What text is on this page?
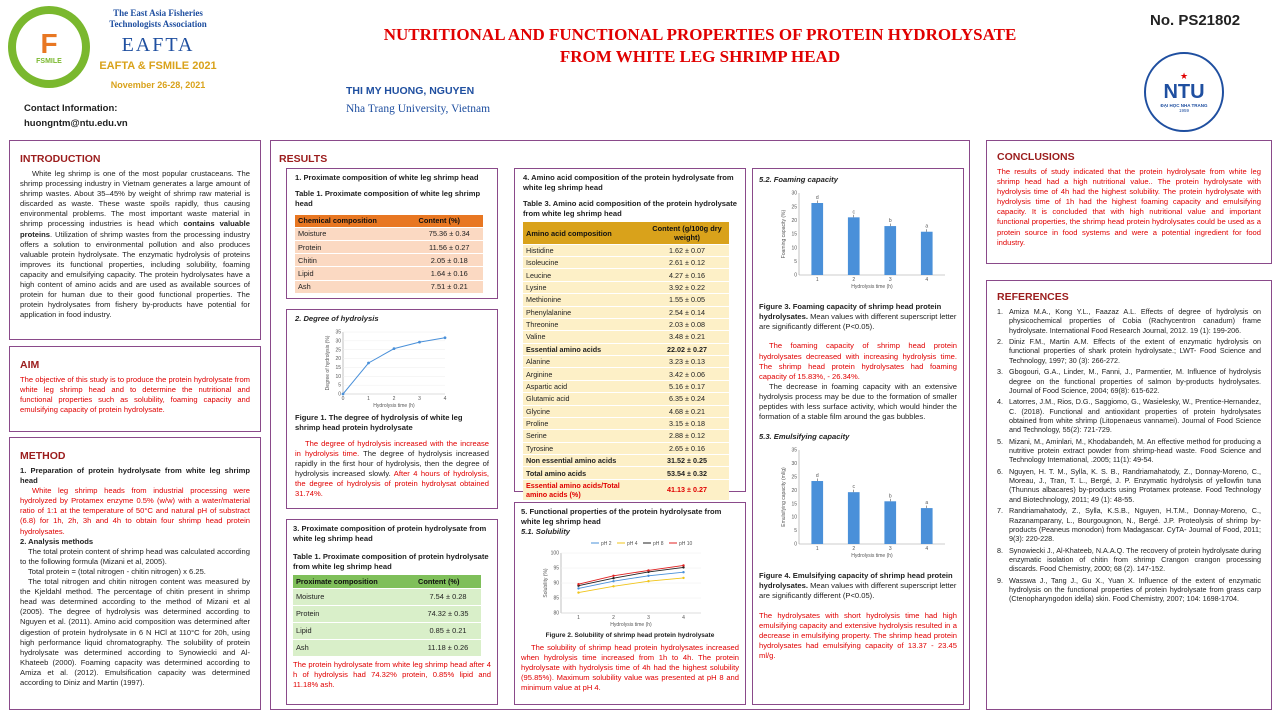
F
FSMILE
The East Asia Fisheries Technologists Association
EAFTA
EAFTA & FSMILE 2021
November 26-28, 2021
Contact Information:
huongntm@ntu.edu.vn
NUTRITIONAL AND FUNCTIONAL PROPERTIES OF PROTEIN HYDROLYSATE
FROM WHITE LEG SHRIMP HEAD
THI MY HUONG, NGUYEN
Nha Trang University, Vietnam
No. PS21802
★
NTU
ĐẠI HỌC NHA TRANG
1959
INTRODUCTION
White leg shrimp is one of the most popular crustaceans. The shrimp processing industry in Vietnam generates a large amount of shrimp wastes. About 35–45% by weight of shrimp raw material is discarded as waste. These waste spoils rapidly, thus causing environmental problems. The most important waste material in shrimp processing industries is head which contains valuable proteins. Utilization of shrimp wastes from the processing industry offers a solution to environmental pollution and also produces valuable protein hydrolysate. The enzymatic hydrolysis of proteins improves its functional properties, including solubility, foaming capacity and emulsifying capacity. The protein hydrolysates have a high content of amino acids and are used as available sources of protein for human due to their good functional properties. The protein hydrolysates from fishery by-products have potential for application in food industry.
AIM
The objective of this study is to produce the protein hydrolysate from white leg shrimp head and to determine the nutritional and functional properties such as solubility, foaming capacity and emulsifying capacity of protein hydrolysate.
METHOD
1. Preparation of protein hydrolysate from white leg shrimp head
White leg shrimp heads from industrial processing were hydrolyzed by Protamex enzyme 0.5% (w/w) with a water/material ratio of 1:1 at the temperature of 50°C and natural pH of substract (6.8) for 1h, 2h, 3h and 4h to obtain four shrimp head protein hydrolysates.
2. Analysis methods
The total protein content of shrimp head was calculated according to the following formula (Mizani et al, 2005).
Total protein = (total nitrogen - chitin nitrogen) x 6.25.
The total nitrogen and chitin nitrogen content was measured by the Kjeldahl method. The percentage of chitin present in shrimp head was determined according to the method of Mizani et al (2005). The degree of hydrolysis was determined according to Nguyen et al. (2011). Amino acid composition was determined after digestion of protein hydrolysate in 6 N HCl at 110°C for 20h, using high performance liquid chromatography. The solubility of protein hydrolysate was determined according to Synowiecki and Al-Khateeb (2000). Foaming capacity was determined according to Amiza et al. (2012). Emulsification capacity was determined according to Diniz and Martin (1997).
RESULTS
1. Proximate composition of white leg shrimp head
Table 1. Proximate composition of white leg shrimp head
Chemical composition	Content (%)
Moisture	75.36 ± 0.34
Protein	11.56 ± 0.27
Chitin	2.05 ± 0.18
Lipid	1.64 ± 0.16
Ash	7.51 ± 0.21
2. Degree of hydrolysis
0
5
10
15
20
25
30
35
Hydrolysis time (h)
Degree of hydrolysis (%)
0	1	2	3	4
Figure 1. The degree of hydrolysis of white leg shrimp head protein hydrolysate
The degree of hydrolysis increased with the increase in hydrolysis time. The degree of hydrolysis increased rapidly in the first hour of hydrolysis, then the degree of hydrolysis increased slowly. After 4 hours of hydrolysis, the degree of hydrolysis of protein hydrolysat obtained 31.74%.
3. Proximate composition of protein hydrolysate from white leg shrimp head
Table 1. Proximate composition of protein hydrolysate from white leg shrimp head
Proximate composition	Content (%)
Moisture	7.54 ± 0.28
Protein	74.32 ± 0.35
Lipid	0.85 ± 0.21
Ash	11.18 ± 0.26
The protein hydrolysate from white leg shrimp head after 4 h of hydrolysis had 74.32% protein, 0.85% lipid and 11.18% ash.
4. Amino acid composition of the protein hydrolysate from white leg shrimp head
Table 3. Amino acid composition of the protein hydrolysate from white leg shrimp head
Amino acid composition	Content (g/100g dry weight)
Histidine	1.62 ± 0.07
Isoleucine	2.61 ± 0.12
Leucine	4.27 ± 0.16
Lysine	3.92 ± 0.22
Methionine	1.55 ± 0.05
Phenylalanine	2.54 ± 0.14
Threonine	2.03 ± 0.08
Valine	3.48 ± 0.21
Essential amino acids	22.02 ± 0.27
Alanine	3.23 ± 0.13
Arginine	3.42 ± 0.06
Aspartic acid	5.16 ± 0.17
Glutamic acid	6.35 ± 0.24
Glycine	4.68 ± 0.21
Proline	3.15 ± 0.18
Serine	2.88 ± 0.12
Tyrosine	2.65 ± 0.16
Non essential amino acids	31.52 ± 0.25
Total amino acids	53.54 ± 0.32
Essential amino acids/Total amino acids (%)	41.13 ± 0.27
5. Functional properties of the protein hydrolysate from white leg shrimp head
5.1. Solubility
80
85
90
95
100
Hydrolysis time (h)
Solubility (%)
1	2	3	4
pH 2	pH 4	pH 8	pH 10
Figure 2. Solubility of shrimp head protein hydrolysate
The solubility of shrimp head protein hydrolysates increased when hydrolysis time increased from 1h to 4h. The protein hydrolysate with hydrolysis time of 4h had the highest solubility (95.85%). Maximum solubility value was presented at pH 8 and minimum value at pH 4.
5.2. Foaming capacity
0
5
10
15
20
25
30
Hydrolysis time (h)
Foaming capacity (%)
d
1
c
2
b
3
a
4
Figure 3. Foaming capacity of shrimp head protein hydrolysates. Mean values with different superscript letter are significantly different (P<0.05).
The foaming capacity of shrimp head protein hydrolysates decreased with increasing hydrolysis time. The shrimp head protein hydrolysates had foaming capacity of 15.83%, - 26.34%.
The decrease in foaming capacity with an extensive hydrolysis process may be due to the formation of smaller peptides with less surface activity, which would hinder the formation of a stable film around the gas bubbles.
5.3. Emulsifying capacity
0
5
10
15
20
25
30
35
Hydrolysis time (h)
Emulsifying capacity (ml/g)	d
1
c
2
b
3
a
4
Figure 4. Emulsifying capacity of shrimp head protein hydrolysates. Mean values with different superscript letter are significantly different (P<0.05).
The hydrolysates with short hydrolysis time had high emulsifying capacity and extensive hydrolysis resulted in a decrease in emulsifying property. The shrimp head protein hydrolysates had emulsifying capacity of 13.37 - 23.45 ml/g.
CONCLUSIONS
The results of study indicated that the protein hydrolysate from white leg shrimp head had a high nutritional value.. The protein hydrolysate with hydrolysis time of 4h had the highest solubility. The protein hydrolysate with hydrolysis time of 1h had the highest foaming capacity and emulsifying capacity. It is concluded that with high nutritional value and important functional properties, the shrimp head protein hydrolysates could be used as a protein source in food systems and were a potential ingredient for food industry.
REFERENCES
1. Amiza M.A., Kong Y.L., Faazaz A.L. Effects of degree of hydrolysis on physicochemical properties of Cobia (Rachycentron canadum) frame hydrolysate. International Food Research Journal, 2012. 19 (1): 199-206.
2. Diniz F.M., Martin A.M. Effects of the extent of enzymatic hydrolysis on functional properties of shark protein hydrolysate.; LWT- Food Science and Technology, 1997; 30 (3): 266-272.
3. Gbogouri, G.A., Linder, M., Fanni, J., Parmentier, M. Influence of hydrolysis degree on the functional properties of salmon by-products hydrolysates. Journal of Food Science, 2004; 69(8): 615-622.
4. Latorres, J.M., Rios, D.G., Saggiomo, G., Wasielesky, W., Prentice-Hernandez, C. (2018). Functional and antioxidant properties of protein hydrolysates obtained from white shrimp (Litopenaeus vannamei). Journal of Food Science and Technology, 55(2): 721-729.
5. Mizani, M., Aminlari, M., Khodabandeh, M. An effective method for producing a nutritive protein extract powder from shrimp-head waste. Food Science and Technology International, .2005; 11(1): 49-54.
6. Nguyen, H. T. M., Sylla, K. S. B., Randriamahatody, Z., Donnay-Moreno, C., Moreau, J., Tran, T. L., Bergé, J. P. Enzymatic hydrolysis of yellowfin tuna (Thunnus albacares) by-products using Protamex protease. Food Technology and Biotechnology, 2011; 49 (1): 48-55.
7. Randriamahatody, Z., Sylla, K.S.B., Nguyen, H.T.M., Donnay-Moreno, C., Razanamparany, L., Bourgougnon, N., Bergé. J.P. Proteolysis of shrimp by-products (Peaneus monodon) from Madagascar. CyTA- Journal of Food, 2011; 9(3): 220-228.
8. Synowiecki J., Al-Khateeb, N.A.A.Q. The recovery of protein hydrolysate during enzymatic isolation of chitin from shrimp Crangon crangon processing discards. Food Chemistry, 2000; 68 (2). 147-152.
9. Wasswa J., Tang J., Gu X., Yuan X. Influence of the extent of enzymatic hydrolysis on the functional properties of protein hydrolysate from grass carp (Ctenopharyngodon idella) skin. Food Chemistry, 2007; 104: 1698-1704.
